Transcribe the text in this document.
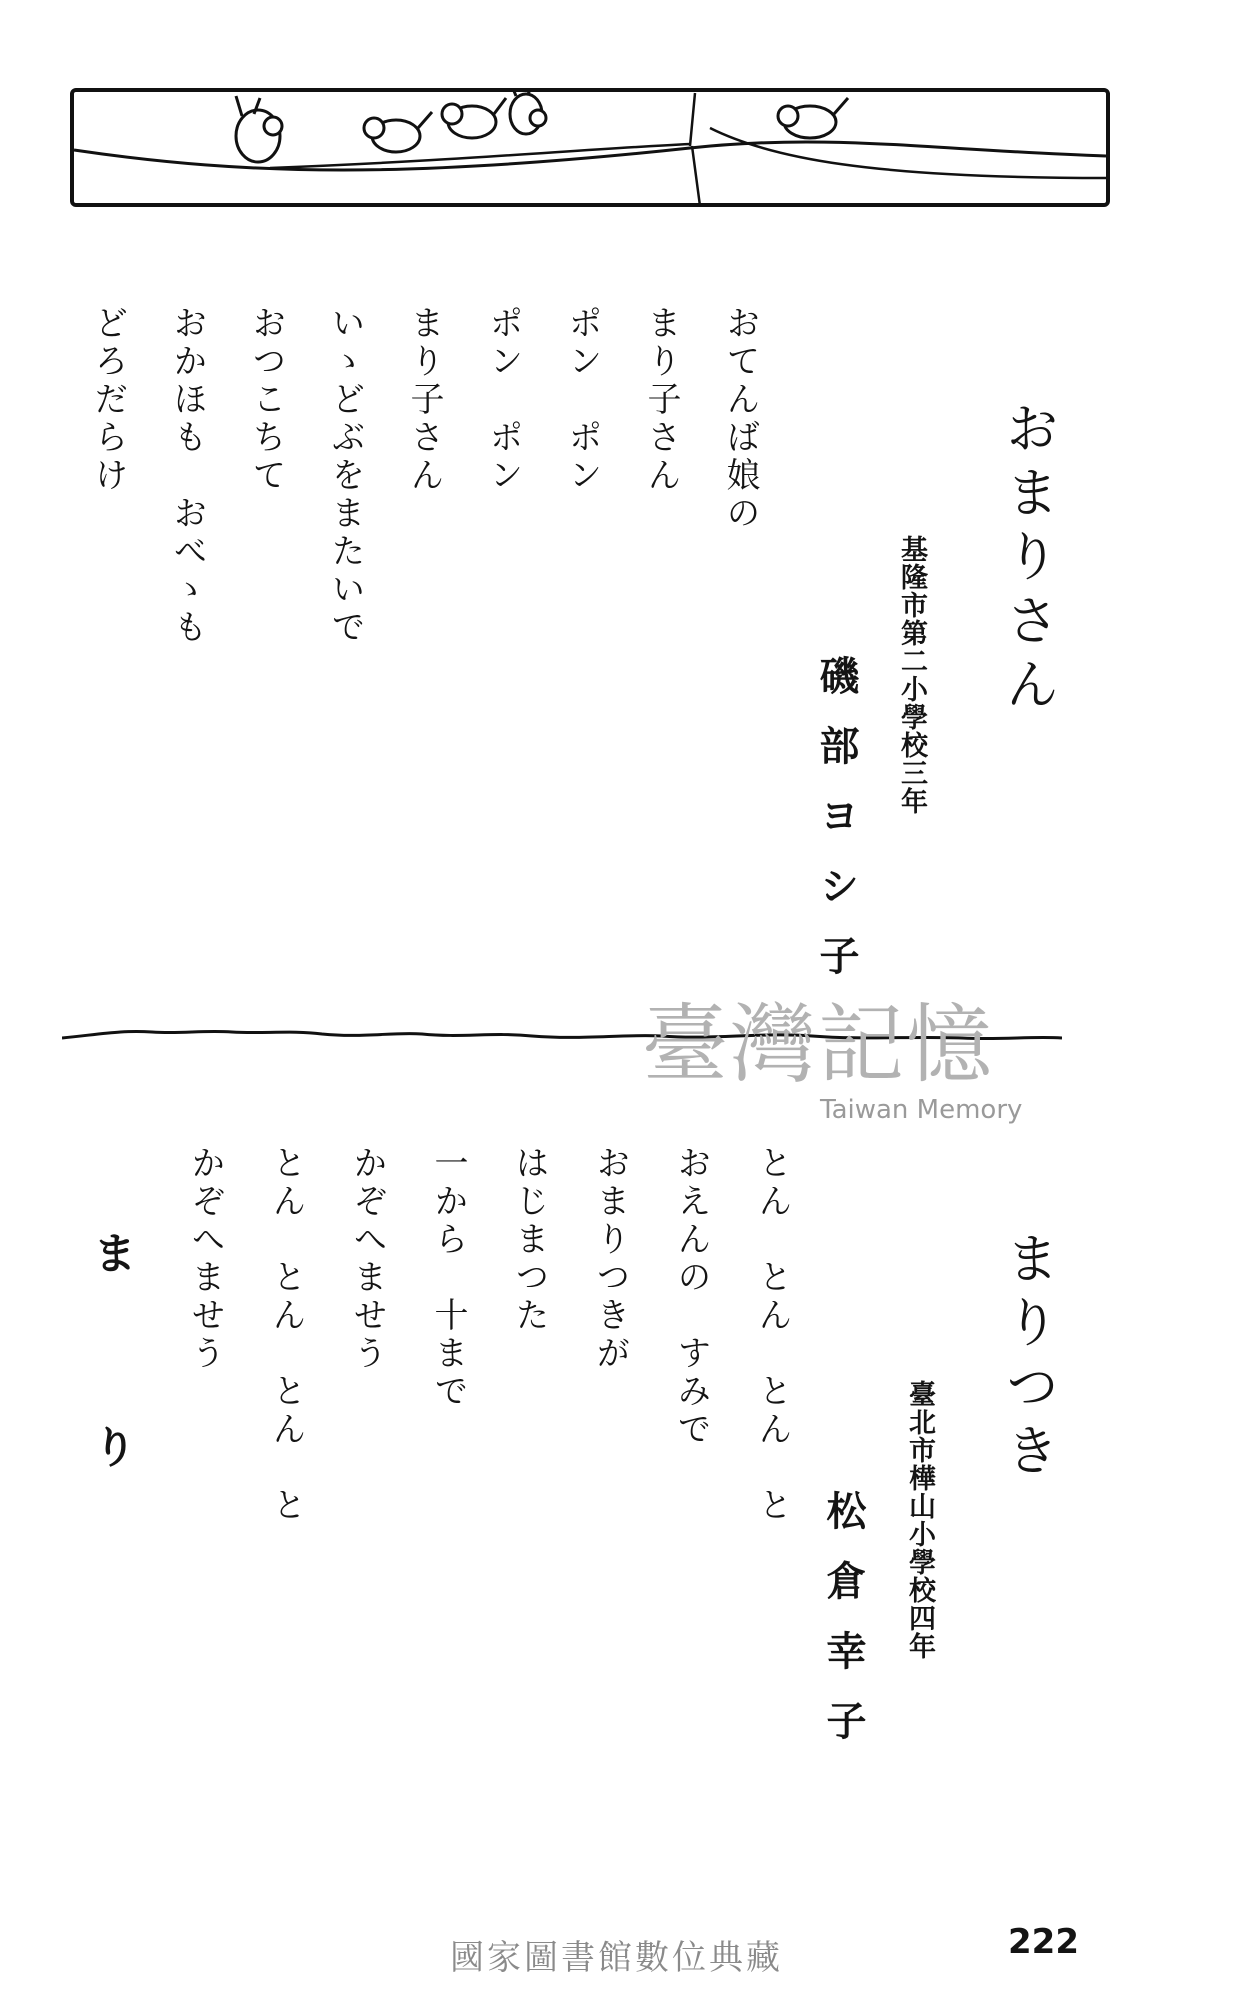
おまりさん
基隆市第二小學校三年
磯部ヨシ子
おてんば娘の
まり子さん
ポン　ポン
ポン　ポン
まり子さん
いゝどぶをまたいで
おつこちて
おかほも　おべゝも
どろだらけ
臺灣記憶
Taiwan Memory
まりつき
臺北市樺山小學校四年
松倉幸子
とん　とん　とん　と
おえんの　すみで
おまりつきが
はじまつた
一から　十まで
かぞへませう
とん　とん　とん　と
かぞへませう
まり
國家圖書館數位典藏	222
